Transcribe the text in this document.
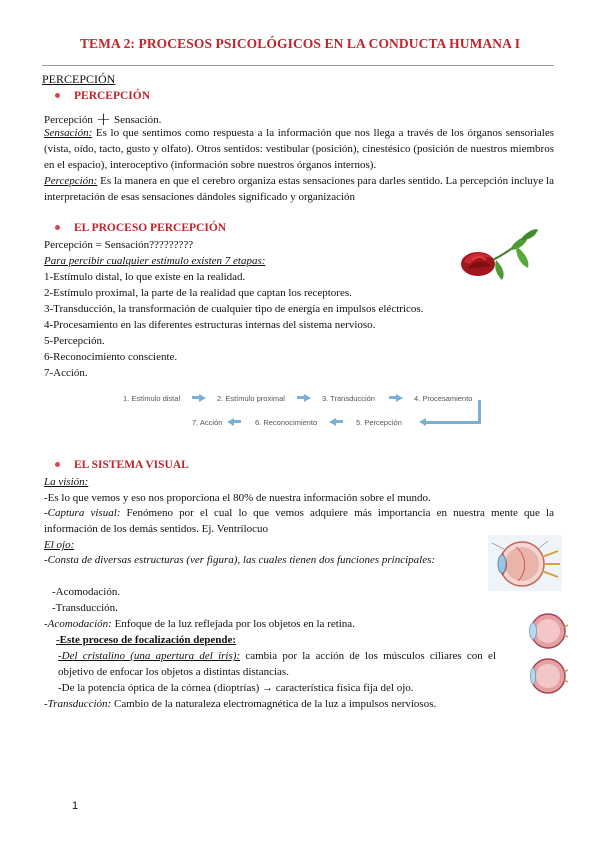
TEMA 2: PROCESOS PSICOLÓGICOS EN LA CONDUCTA HUMANA I
PERCEPCIÓN
PERCEPCIÓN
Percepción + Sensación.
Sensación: Es lo que sentimos como respuesta a la información que nos llega a través de los órganos sensoriales (vista, oído, tacto, gusto y olfato). Otros sentidos: vestibular (posición), cinestésico (posición de nuestros miembros en el espacio), interoceptivo (información sobre nuestros órganos internos).
Percepción: Es la manera en que el cerebro organiza estas sensaciones para darles sentido. La percepción incluye la interpretación de esas sensaciones dándoles significado y organización
EL PROCESO PERCEPCIÓN
Percepción = Sensación?????????
Para percibir cualquier estímulo existen 7 etapas:
1-Estímulo distal, lo que existe en la realidad.
2-Estímulo proximal, la parte de la realidad que captan los receptores.
3-Transducción, la transformación de cualquier tipo de energía en impulsos eléctricos.
4-Procesamiento en las diferentes estructuras internas del sistema nervioso.
5-Percepción.
6-Reconocimiento consciente.
7-Acción.
1. Estímulo distal	2. Estímulo proximal	3. Transducción	4. Procesamiento
5. Percepción
6. Reconocimiento
7. Acción
EL SISTEMA VISUAL
La visión:
-Es lo que vemos y eso nos proporciona el 80% de nuestra información sobre el mundo.
-Captura visual: Fenómeno por el cual lo que vemos adquiere más importancia en nuestra mente que la información de los demás sentidos. Ej. Ventrílocuo
El ojo:
-Consta de diversas estructuras (ver figura), las cuales tienen dos funciones principales:
-Acomodación.
-Transducción.
-Acomodación: Enfoque de la luz reflejada por los objetos en la retina.
-Este proceso de focalización depende:
-Del cristalino (una apertura del iris): cambia por la acción de los músculos ciliares con el objetivo de enfocar los objetos a distintas distancias.
-De la potencia óptica de la córnea (dioptrías) → característica física fija del ojo.
-Transducción: Cambio de la naturaleza electromagnética de la luz a impulsos nerviosos.
1
